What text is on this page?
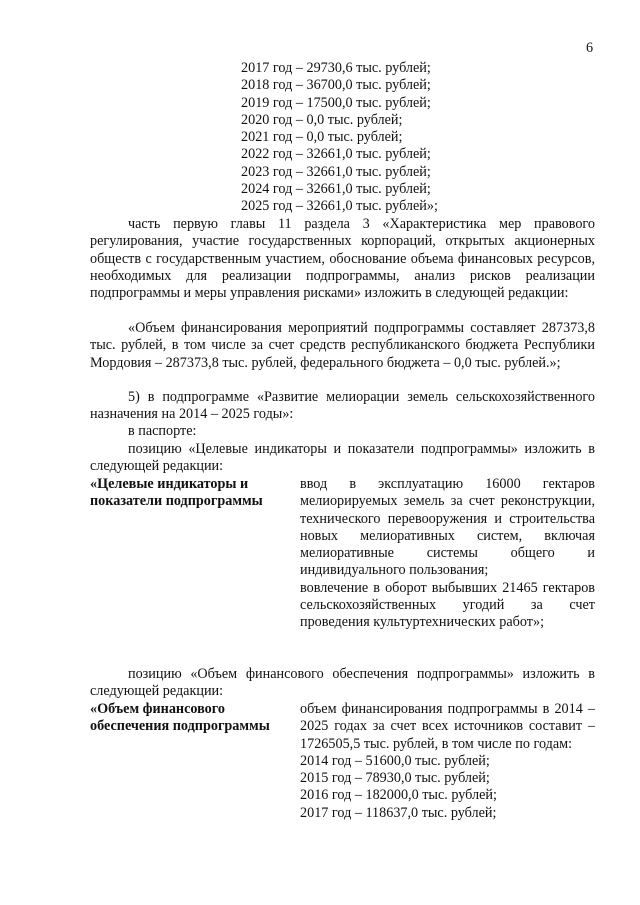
6
2017 год – 29730,6 тыс. рублей;
2018 год – 36700,0 тыс. рублей;
2019 год – 17500,0 тыс. рублей;
2020 год – 0,0 тыс. рублей;
2021 год – 0,0 тыс. рублей;
2022 год – 32661,0 тыс. рублей;
2023 год – 32661,0 тыс. рублей;
2024 год – 32661,0 тыс. рублей;
2025 год – 32661,0 тыс. рублей»;
часть первую главы 11 раздела 3 «Характеристика мер правового регулирования, участие государственных корпораций, открытых акционерных обществ с государственным участием, обоснование объема финансовых ресурсов, необходимых для реализации подпрограммы, анализ рисков реализации подпрограммы и меры управления рисками» изложить в следующей редакции:
«Объем финансирования мероприятий подпрограммы составляет 287373,8 тыс. рублей, в том числе за счет средств республиканского бюджета Республики Мордовия – 287373,8 тыс. рублей, федерального бюджета – 0,0 тыс. рублей.»;
5) в подпрограмме «Развитие мелиорации земель сельскохозяйственного назначения на 2014 – 2025 годы»:
в паспорте:
позицию «Целевые индикаторы и показатели подпрограммы» изложить в следующей редакции:
«Целевые индикаторы и показатели подпрограммы

ввод в эксплуатацию 16000 гектаров мелиорируемых земель за счет реконструкции, технического перевооружения и строительства новых мелиоративных систем, включая мелиоративные системы общего и индивидуального пользования;

вовлечение в оборот выбывших 21465 гектаров сельскохозяйственных угодий за счет проведения культуртехнических работ»;

позицию «Объем финансового обеспечения подпрограммы» изложить в следующей редакции:
«Объем финансового обеспечения подпрограммы

объем финансирования подпрограммы в 2014 – 2025 годах за счет всех источников составит – 1726505,5 тыс. рублей, в том числе по годам:

2014 год – 51600,0 тыс. рублей;

2015 год – 78930,0 тыс. рублей;

2016 год – 182000,0 тыс. рублей;

2017 год – 118637,0 тыс. рублей;
